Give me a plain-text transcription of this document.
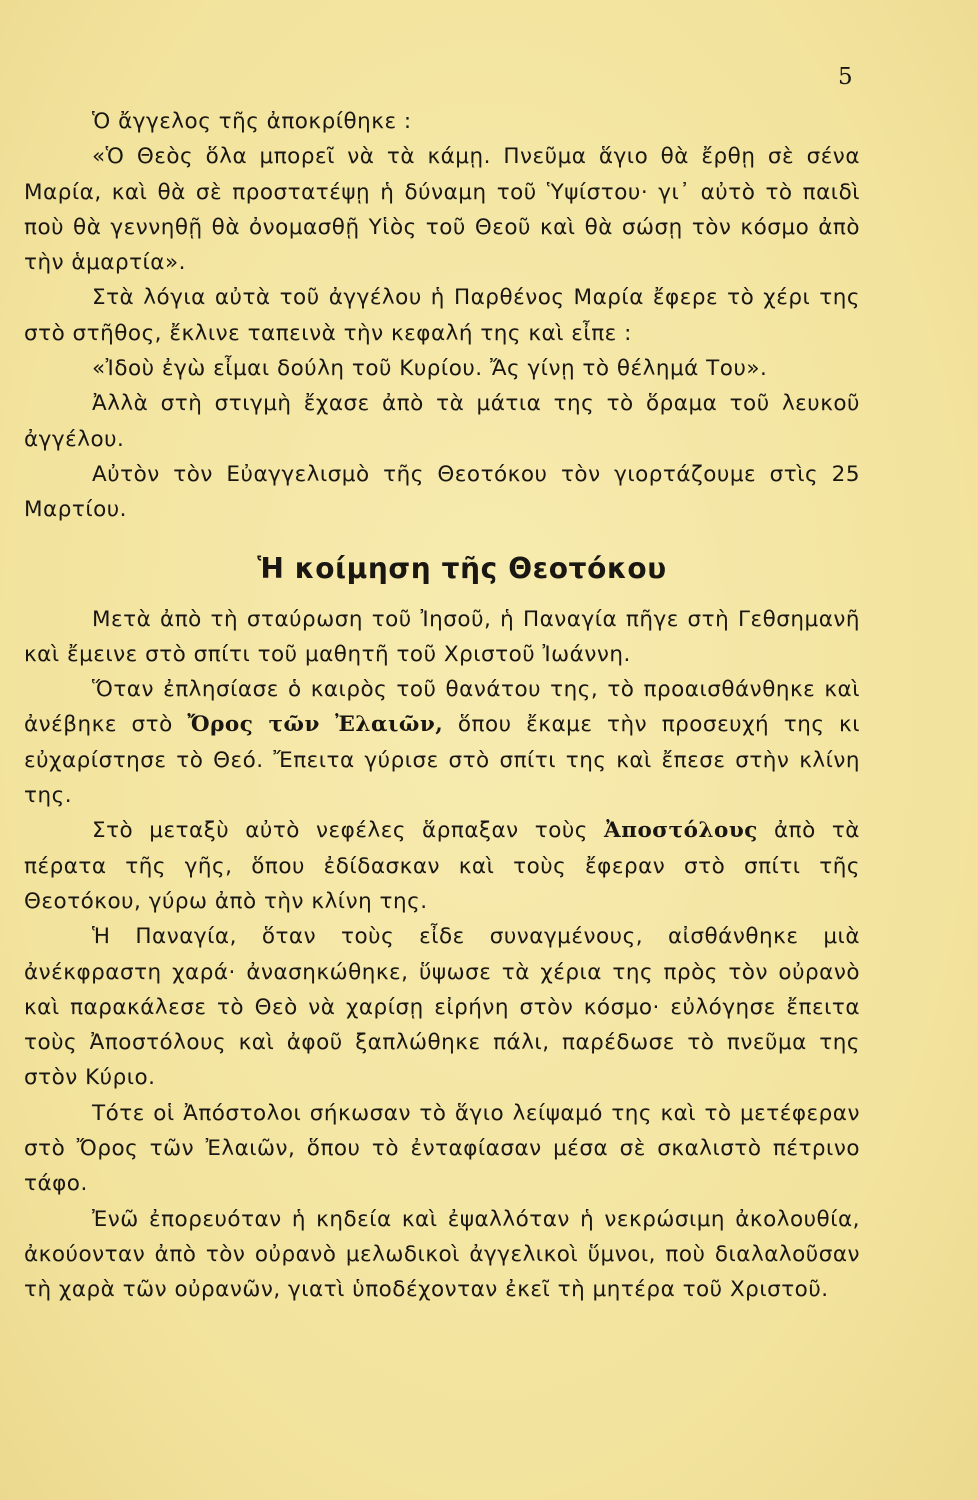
5

Ὁ ἄγγελος τῆς ἀποκρίθηκε :

«Ὁ Θεὸς ὅλα μπορεῖ νὰ τὰ κάμῃ. Πνεῦμα ἅγιο θὰ ἔρθῃ σὲ σένα Μαρία, καὶ θὰ σὲ προστατέψῃ ἡ δύναμη τοῦ Ὑψίστου· γι᾿ αὐτὸ τὸ παιδὶ ποὺ θὰ γεννηθῇ θὰ ὀνομασθῇ Υἱὸς τοῦ Θεοῦ καὶ θὰ σώσῃ τὸν κόσμο ἀπὸ τὴν ἁμαρτία».

Στὰ λόγια αὐτὰ τοῦ ἀγγέλου ἡ Παρθένος Μαρία ἔφερε τὸ χέρι της στὸ στῆθος, ἔκλινε ταπεινὰ τὴν κεφαλή της καὶ εἶπε :

«Ἰδοὺ ἐγὼ εἶμαι δούλη τοῦ Κυρίου. Ἄς γίνῃ τὸ θέλημά Του».

Ἀλλὰ στὴ στιγμὴ ἔχασε ἀπὸ τὰ μάτια της τὸ ὅραμα τοῦ λευκοῦ ἀγγέλου.

Αὐτὸν τὸν Εὐαγγελισμὸ τῆς Θεοτόκου τὸν γιορτάζουμε στὶς 25 Μαρτίου.

Ἡ κοίμηση τῆς Θεοτόκου

Μετὰ ἀπὸ τὴ σταύρωση τοῦ Ἰησοῦ, ἡ Παναγία πῆγε στὴ Γεθσημανῆ καὶ ἔμεινε στὸ σπίτι τοῦ μαθητῆ τοῦ Χριστοῦ Ἰωάννη.

Ὅταν ἐπλησίασε ὁ καιρὸς τοῦ θανάτου της, τὸ προαισθάνθηκε καὶ ἀνέβηκε στὸ Ὄρος τῶν Ἐλαιῶν, ὅπου ἔκαμε τὴν προσευχή της κι εὐχαρίστησε τὸ Θεό. Ἔπειτα γύρισε στὸ σπίτι της καὶ ἔπεσε στὴν κλίνη της.

Στὸ μεταξὺ αὐτὸ νεφέλες ἅρπαξαν τοὺς Ἀποστόλους ἀπὸ τὰ πέρατα τῆς γῆς, ὅπου ἐδίδασκαν καὶ τοὺς ἔφεραν στὸ σπίτι τῆς Θεοτόκου, γύρω ἀπὸ τὴν κλίνη της.

Ἡ Παναγία, ὅταν τοὺς εἶδε συναγμένους, αἰσθάνθηκε μιὰ ἀνέκφραστη χαρά· ἀνασηκώθηκε, ὕψωσε τὰ χέρια της πρὸς τὸν οὐρανὸ καὶ παρακάλεσε τὸ Θεὸ νὰ χαρίσῃ εἰρήνη στὸν κόσμο· εὐλόγησε ἔπειτα τοὺς Ἀποστόλους καὶ ἀφοῦ ξαπλώθηκε πάλι, παρέδωσε τὸ πνεῦμα της στὸν Κύριο.

Τότε οἱ Ἀπόστολοι σήκωσαν τὸ ἅγιο λείψαμό της καὶ τὸ μετέφεραν στὸ Ὄρος τῶν Ἐλαιῶν, ὅπου τὸ ἐνταφίασαν μέσα σὲ σκαλιστὸ πέτρινο τάφο.

Ἐνῶ ἐπορευόταν ἡ κηδεία καὶ ἐψαλλόταν ἡ νεκρώσιμη ἀκολουθία, ἀκούονταν ἀπὸ τὸν οὐρανὸ μελωδικοὶ ἀγγελικοὶ ὕμνοι, ποὺ διαλαλοῦσαν τὴ χαρὰ τῶν οὐρανῶν, γιατὶ ὑποδέχονταν ἐκεῖ τὴ μητέρα τοῦ Χριστοῦ.
